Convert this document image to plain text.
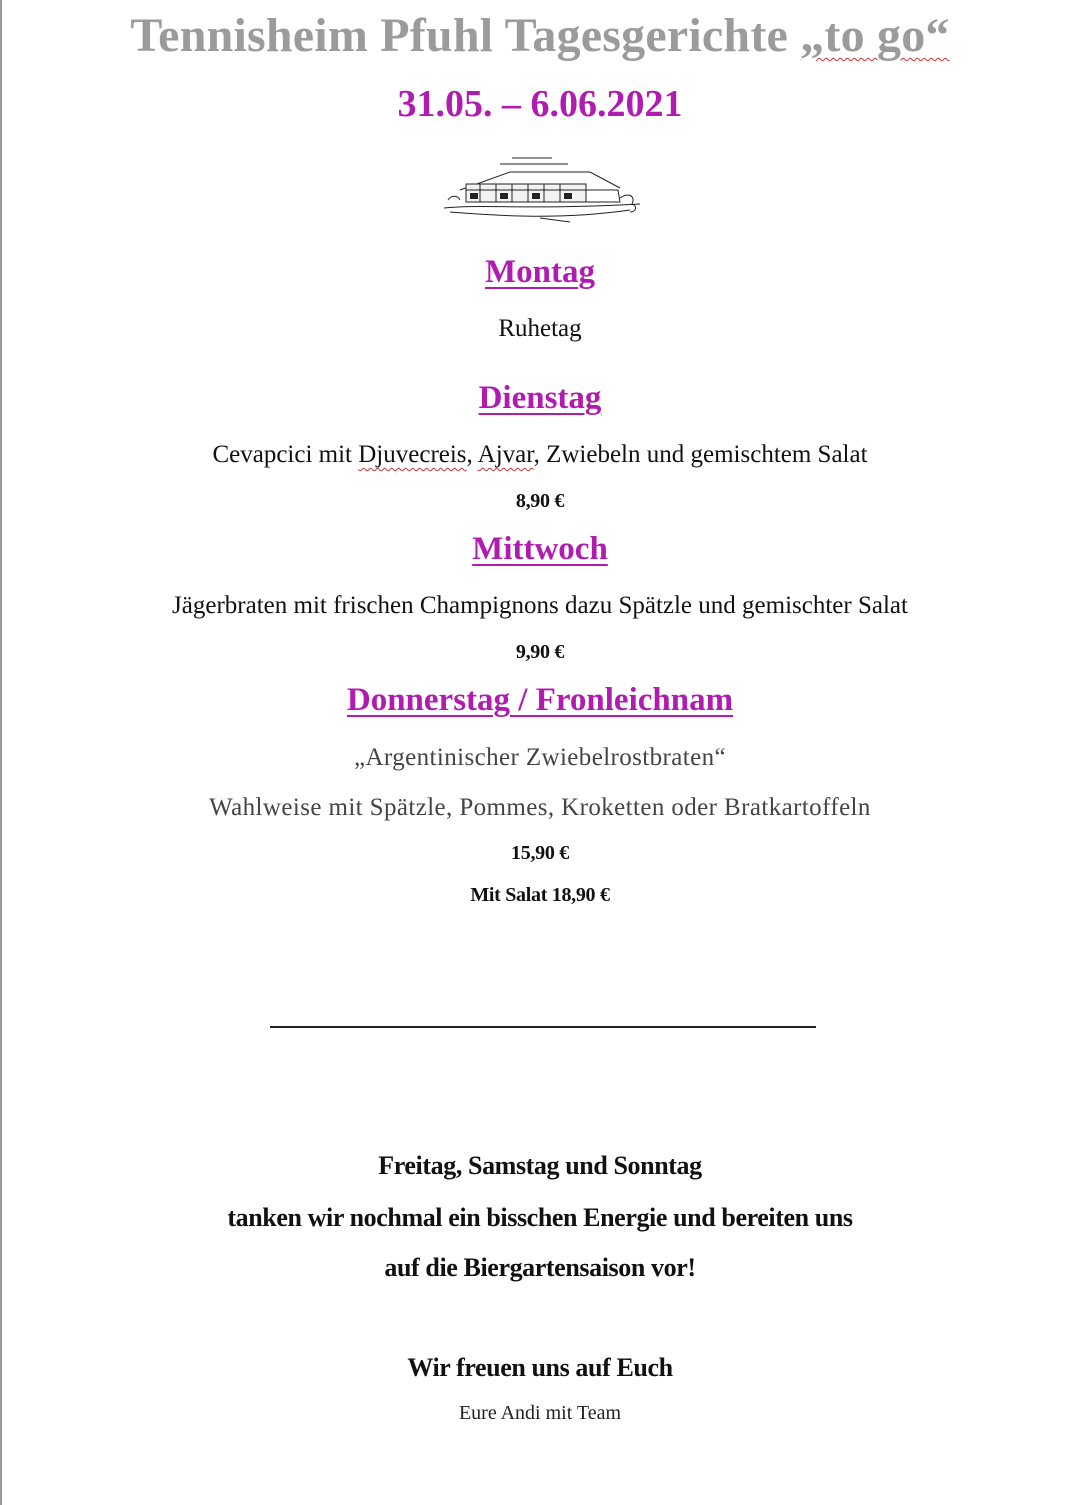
Tennisheim Pfuhl Tagesgerichte „to go“
31.05. – 6.06.2021
Montag
Ruhetag
Dienstag
Cevapcici mit Djuvecreis, Ajvar, Zwiebeln und gemischtem Salat
8,90 €
Mittwoch
Jägerbraten mit frischen Champignons dazu Spätzle und gemischter Salat
9,90 €
Donnerstag / Fronleichnam
„Argentinischer Zwiebelrostbraten“
Wahlweise mit Spätzle, Pommes, Kroketten oder Bratkartoffeln
15,90 €
Mit Salat 18,90 €
Freitag, Samstag und Sonntag
tanken wir nochmal ein bisschen Energie und bereiten uns
auf die Biergartensaison vor!
Wir freuen uns auf Euch
Eure Andi mit Team
